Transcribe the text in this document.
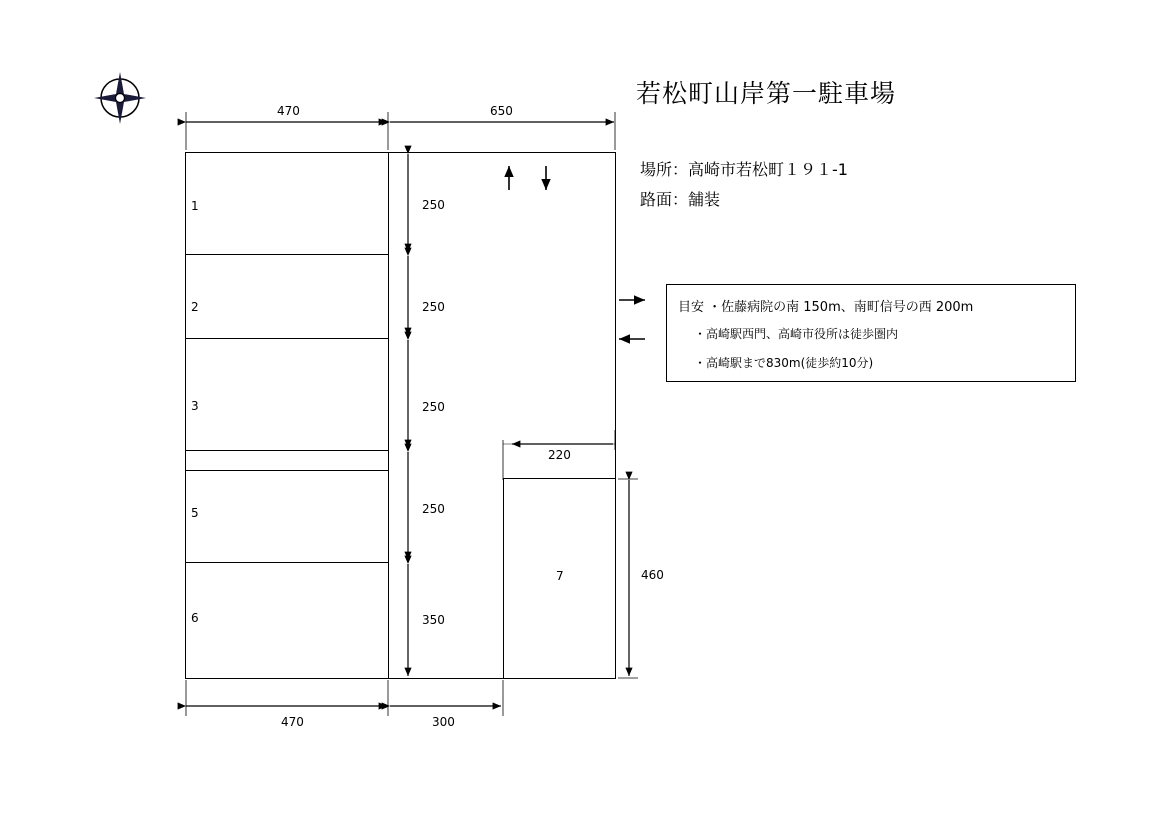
若松町山岸第一駐車場
場所：高崎市若松町１９１-1
路面：舗装
目安 ・佐藤病院の南 150m、南町信号の西 200m
・高崎駅西門、高崎市役所は徒歩圏内
・高崎駅まで830m(徒歩約10分)
1
2
3
5
6
7
470	650
470	300
250
250
250
250
350
220
460
